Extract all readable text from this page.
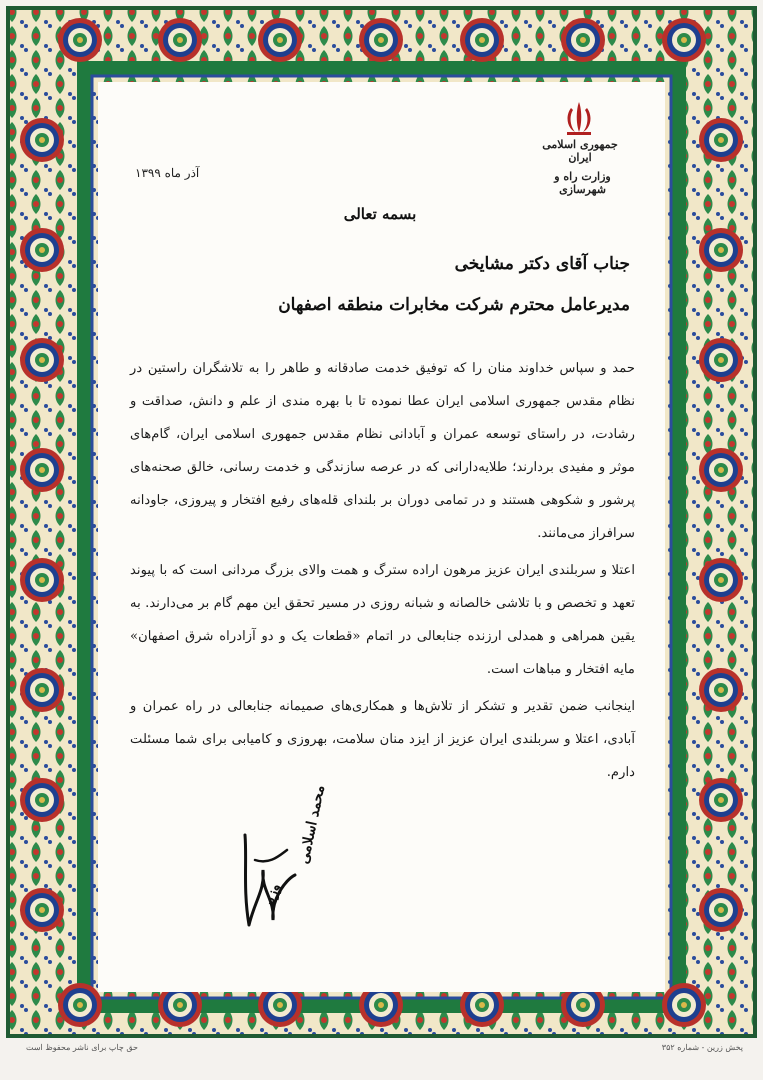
جمهوری اسلامی ایران
وزارت راه و شهرسازی
آذر ماه ۱۳۹۹
بسمه تعالی
جناب آقای دکتر مشایخی
مدیرعامل محترم شرکت مخابرات منطقه اصفهان

حمد و سپاس خداوند منان را که توفیق خدمت صادقانه و طاهر را به تلاشگران راستین در نظام مقدس جمهوری اسلامی ایران عطا نموده تا با بهره مندی از علم و دانش، صداقت و رشادت، در راستای توسعه عمران و آبادانی نظام مقدس جمهوری اسلامی ایران، گام‌های موثر و مفیدی بردارند؛ طلایه‌دارانی که در عرصه سازندگی و خدمت رسانی، خالق صحنه‌های پرشور و شکوهی هستند و در تمامی دوران بر بلندای قله‌های رفیع افتخار و پیروزی، جاودانه سرافراز می‌مانند.

اعتلا و سربلندی ایران عزیز مرهون اراده سترگ و همت والای بزرگ مردانی است که با پیوند تعهد و تخصص و با تلاشی خالصانه و شبانه روزی در مسیر تحقق این مهم گام بر می‌دارند. به یقین همراهی و همدلی ارزنده جنابعالی در اتمام «قطعات یک و دو آزادراه شرق اصفهان» مایه افتخار و مباهات است.

اینجانب ضمن تقدیر و تشکر از تلاش‌ها و همکاری‌های صمیمانه جنابعالی در راه عمران و آبادی، اعتلا و سربلندی ایران عزیز از ایزد منان سلامت، بهروزی و کامیابی برای شما مسئلت دارم.

محمد اسلامی
وزیر
پخش زرین - شماره ۳۵۲
حق چاپ برای ناشر محفوظ است
